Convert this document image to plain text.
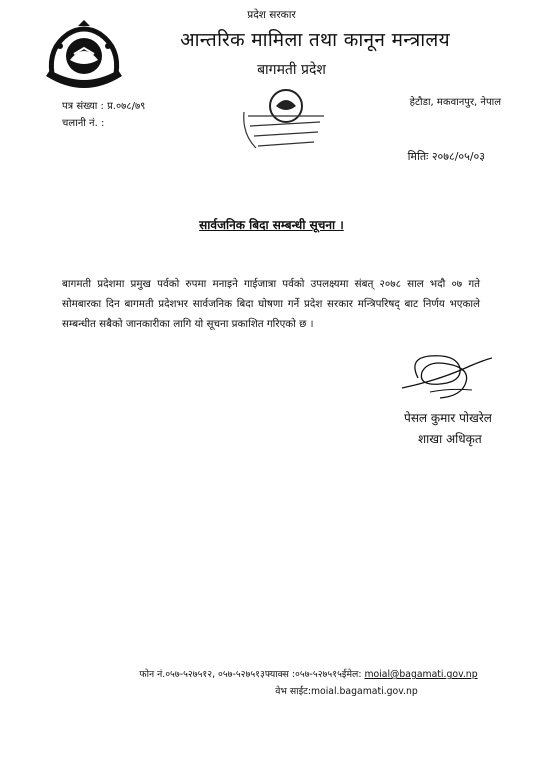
प्रदेश सरकार
आन्तरिक मामिला तथा कानून मन्त्रालय
बागमती प्रदेश
पत्र संख्या : प्र.०७८/७९
चलानी नं. :
हेटौडा, मकवानपुर, नेपाल
मितिः २०७८/०५/०३
सार्वजनिक बिदा सम्बन्धी सूचना ।
बागमती प्रदेशमा प्रमुख पर्वको रुपमा मनाइने गाईजात्रा पर्वको उपलक्ष्यमा संबत् २०७८ साल भदौ ०७ गते सोमबारका दिन बागमती प्रदेशभर सार्वजनिक बिदा घोषणा गर्ने प्रदेश सरकार मन्त्रिपरिषद् बाट निर्णय भएकाले सम्बन्धीत सबैको जानकारीका लागि यो सूचना प्रकाशित गरिएको छ ।
पेसल कुमार पोखरेल
शाखा अधिकृत
फोन नं.०५७-५२७५१२, ०५७-५२७५१३फ्याक्स :०५७-५२७५१५ईमेल: moial@bagamati.gov.np
वेभ साईट:moial.bagamati.gov.np
